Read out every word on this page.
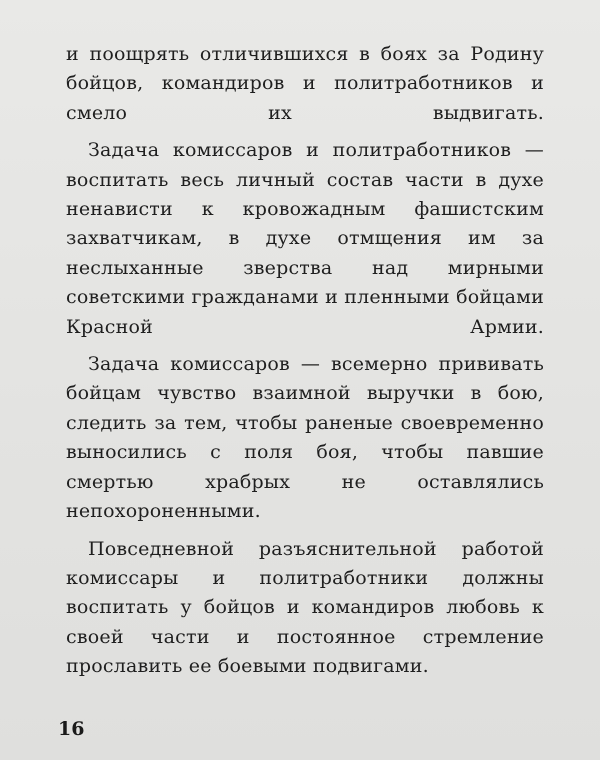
и поощрять отличившихся в боях за Родину бойцов, командиров и политработников и смело их выдвигать.

Задача комиссаров и политработников — воспитать весь личный состав части в духе ненависти к кровожадным фашистским захватчикам, в духе отмщения им за неслыханные зверства над мирными советскими гражданами и пленными бойцами Красной Армии.

Задача комиссаров — всемерно прививать бойцам чувство взаимной выручки в бою, следить за тем, чтобы раненые своевременно выносились с поля боя, чтобы павшие смертью храбрых не оставлялись непохороненными.

Повседневной разъяснительной работой комиссары и политработники должны воспитать у бойцов и командиров любовь к своей части и постоянное стремление прославить ее боевыми подвигами.

16
